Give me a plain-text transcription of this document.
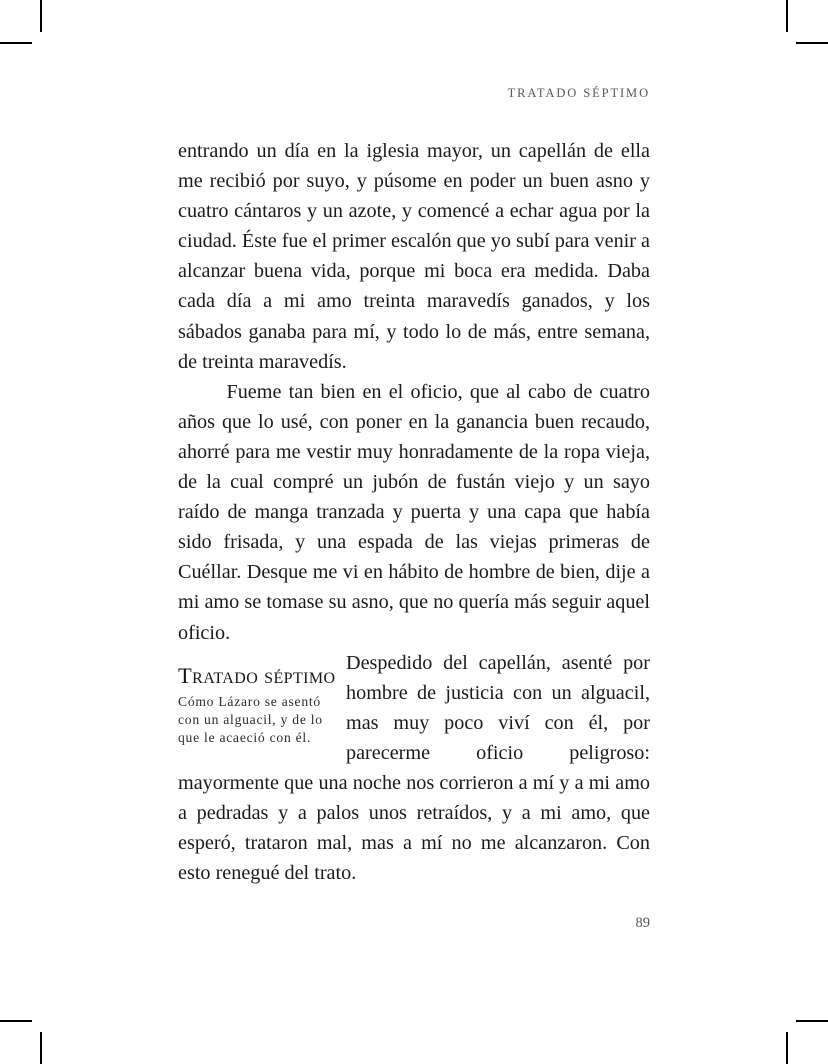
TRATADO SÉPTIMO

entrando un día en la iglesia mayor, un capellán de ella me recibió por suyo, y púsome en poder un buen asno y cuatro cántaros y un azote, y comencé a echar agua por la ciudad. Éste fue el primer escalón que yo subí para venir a alcanzar buena vida, porque mi boca era medida. Daba cada día a mi amo treinta maravedís ganados, y los sábados ganaba para mí, y todo lo de más, entre semana, de treinta maravedís.

Fueme tan bien en el oficio, que al cabo de cuatro años que lo usé, con poner en la ganancia buen recaudo, ahorré para me vestir muy honradamente de la ropa vieja, de la cual compré un jubón de fustán viejo y un sayo raído de manga tranzada y puerta y una capa que había sido frisada, y una espada de las viejas primeras de Cuéllar. Desque me vi en hábito de hombre de bien, dije a mi amo se tomase su asno, que no quería más seguir aquel oficio.

Tratado séptimo

Cómo Lázaro se asentó con un alguacil, y de lo que le acaeció con él.

Despedido del capellán, asenté por hombre de justicia con un alguacil, mas muy poco viví con él, por parecerme oficio peligroso: mayormente que una noche nos corrieron a mí y a mi amo a pedradas y a palos unos retraídos, y a mi amo, que esperó, trataron mal, mas a mí no me alcanzaron. Con esto renegué del trato.

89
